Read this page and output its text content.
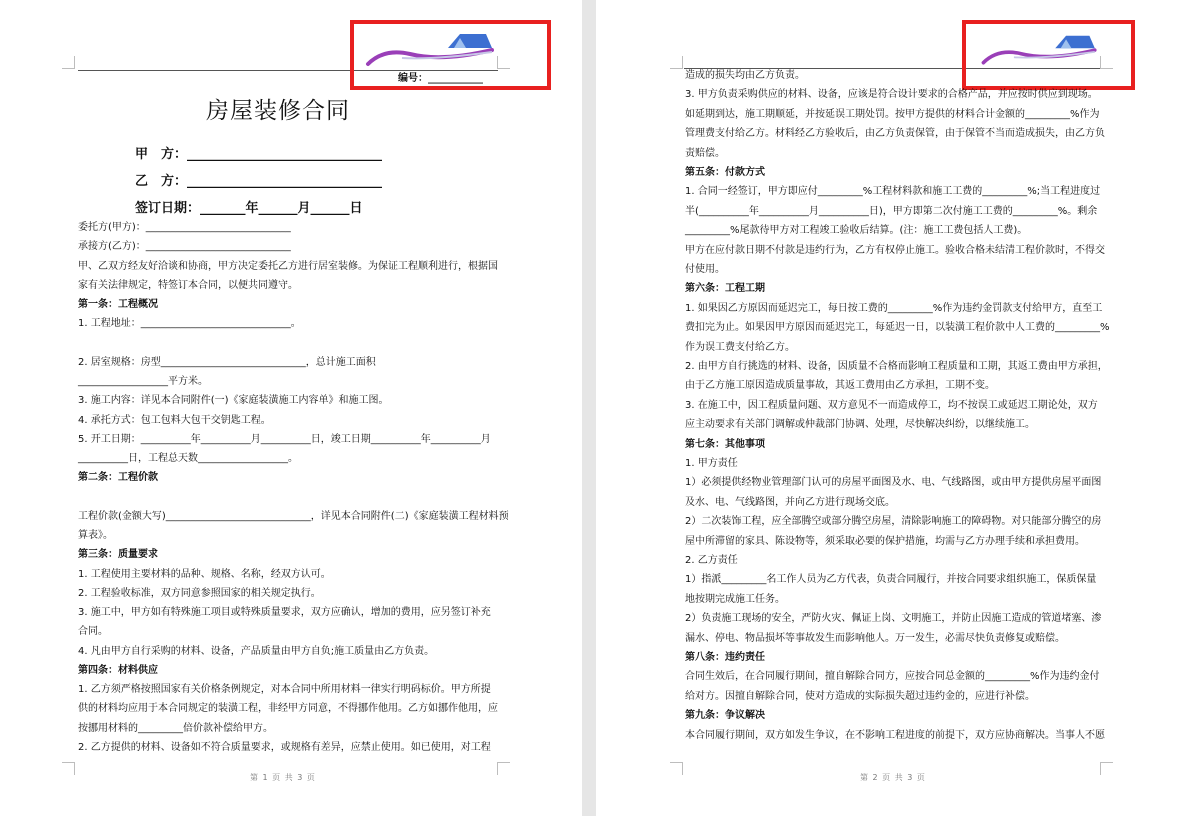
编号：___________
房屋装修合同
甲　方：______________________________
乙　方：______________________________
签订日期：_______年______月______日
委托方(甲方)：_____________________________
承接方(乙方)：_____________________________
甲、乙双方经友好洽谈和协商，甲方决定委托乙方进行居室装修。为保证工程顺利进行，根据国
家有关法律规定，特签订本合同，以便共同遵守。
第一条：工程概况
1. 工程地址：______________________________。
2. 居室规格：房型_____________________________，总计施工面积
__________________平方米。
3. 施工内容：详见本合同附件(一)《家庭装潢施工内容单》和施工图。
4. 承托方式：包工包料大包干交钥匙工程。
5. 开工日期：__________年__________月__________日，竣工日期__________年__________月
__________日，工程总天数__________________。
第二条：工程价款
工程价款(金额大写)_____________________________，详见本合同附件(二)《家庭装潢工程材料预
算表》。
第三条：质量要求
1. 工程使用主要材料的品种、规格、名称，经双方认可。
2. 工程验收标准，双方同意参照国家的相关规定执行。
3. 施工中，甲方如有特殊施工项目或特殊质量要求，双方应确认，增加的费用，应另签订补充
合同。
4. 凡由甲方自行采购的材料、设备，产品质量由甲方自负;施工质量由乙方负责。
第四条：材料供应
1. 乙方须严格按照国家有关价格条例规定，对本合同中所用材料一律实行明码标价。甲方所提
供的材料均应用于本合同规定的装潢工程，非经甲方同意，不得挪作他用。乙方如挪作他用，应
按挪用材料的_________倍价款补偿给甲方。
2. 乙方提供的材料、设备如不符合质量要求，或规格有差异，应禁止使用。如已使用，对工程
第 1 页 共 3 页
造成的损失均由乙方负责。
3. 甲方负责采购供应的材料、设备，应该是符合设计要求的合格产品，并应按时供应到现场。
如延期到达，施工期顺延，并按延误工期处罚。按甲方提供的材料合计金额的_________%作为
管理费支付给乙方。材料经乙方验收后，由乙方负责保管，由于保管不当而造成损失，由乙方负
责赔偿。
第五条：付款方式
1. 合同一经签订，甲方即应付_________%工程材料款和施工工费的_________%;当工程进度过
半(__________年__________月__________日)，甲方即第二次付施工工费的_________%。剩余
_________%尾款待甲方对工程竣工验收后结算。(注：施工工费包括人工费)。
甲方在应付款日期不付款是违约行为，乙方有权停止施工。验收合格未结清工程价款时，不得交
付使用。
第六条：工程工期
1. 如果因乙方原因而延迟完工，每日按工费的_________%作为违约金罚款支付给甲方，直至工
费扣完为止。如果因甲方原因而延迟完工，每延迟一日，以装潢工程价款中人工费的_________%
作为误工费支付给乙方。
2. 由甲方自行挑选的材料、设备，因质量不合格而影响工程质量和工期，其返工费由甲方承担，
由于乙方施工原因造成质量事故，其返工费用由乙方承担，工期不变。
3. 在施工中，因工程质量问题、双方意见不一而造成停工，均不按误工或延迟工期论处，双方
应主动要求有关部门调解或仲裁部门协调、处理，尽快解决纠纷，以继续施工。
第七条：其他事项
1. 甲方责任
1）必须提供经物业管理部门认可的房屋平面图及水、电、气线路图，或由甲方提供房屋平面图
及水、电、气线路图，并向乙方进行现场交底。
2）二次装饰工程，应全部腾空或部分腾空房屋，清除影响施工的障碍物。对只能部分腾空的房
屋中所滞留的家具、陈设物等，须采取必要的保护措施，均需与乙方办理手续和承担费用。
2. 乙方责任
1）指派_________名工作人员为乙方代表，负责合同履行，并按合同要求组织施工，保质保量
地按期完成施工任务。
2）负责施工现场的安全，严防火灾、佩证上岗、文明施工，并防止因施工造成的管道堵塞、渗
漏水、停电、物品损坏等事故发生而影响他人。万一发生，必需尽快负责修复或赔偿。
第八条：违约责任
合同生效后，在合同履行期间，擅自解除合同方，应按合同总金额的_________%作为违约金付
给对方。因擅自解除合同，使对方造成的实际损失超过违约金的，应进行补偿。
第九条：争议解决
本合同履行期间，双方如发生争议，在不影响工程进度的前提下，双方应协商解决。当事人不愿
第 2 页 共 3 页
